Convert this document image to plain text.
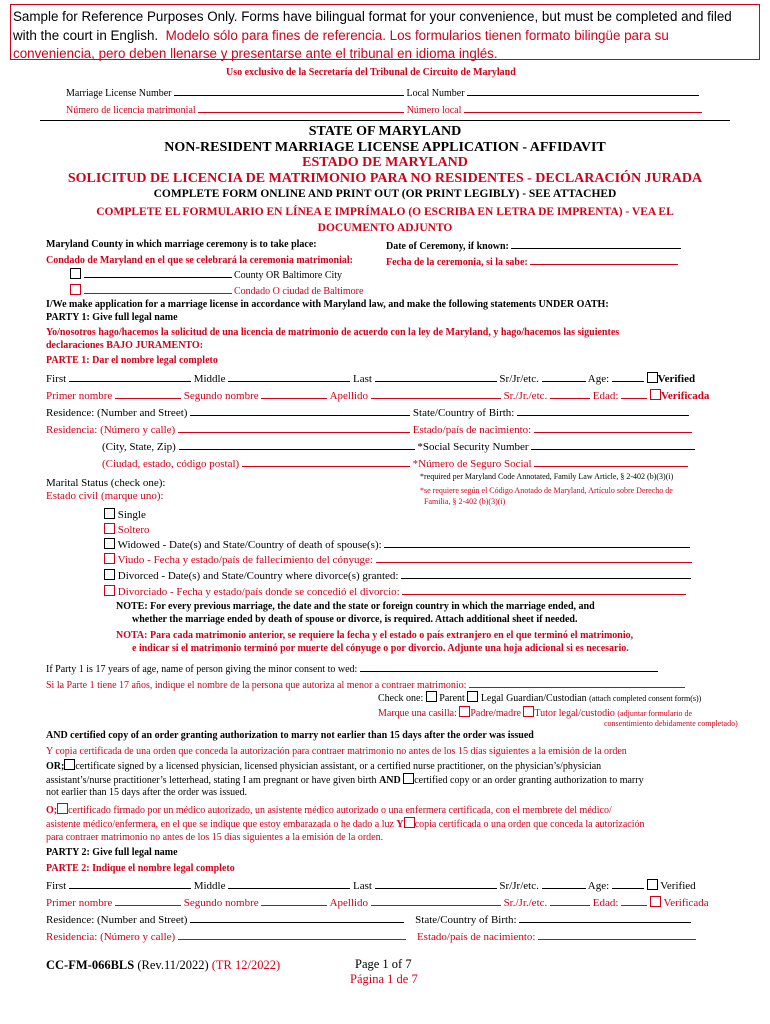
Sample for Reference Purposes Only. Forms have bilingual format for your convenience, but must be completed and filed
with the court in English. Modelo sólo para fines de referencia. Los formularios tienen formato bilingüe para su
conveniencia, pero deben llenarse y presentarse ante el tribunal en idioma inglés.
Uso exclusivo de la Secretaría del Tribunal de Circuito de Maryland
Marriage License Number	Local Number
Número de licencia matrimonial	Número local
STATE OF MARYLAND
NON-RESIDENT MARRIAGE LICENSE APPLICATION - AFFIDAVIT
ESTADO DE MARYLAND
SOLICITUD DE LICENCIA DE MATRIMONIO PARA NO RESIDENTES - DECLARACIÓN JURADA
COMPLETE FORM ONLINE AND PRINT OUT (OR PRINT LEGIBLY) - SEE ATTACHED
COMPLETE EL FORMULARIO EN LÍNEA E IMPRÍMALO (O ESCRIBA EN LETRA DE IMPRENTA) - VEA EL
DOCUMENTO ADJUNTO
Maryland County in which marriage ceremony is to take place:	Date of Ceremony, if known:
Condado de Maryland en el que se celebrará la ceremonia matrimonial:	Fecha de la ceremonia, si la sabe:
County OR Baltimore City
Condado O ciudad de Baltimore
I/We make application for a marriage license in accordance with Maryland law, and make the following statements UNDER OATH:
PARTY 1: Give full legal name
Yo/nosotros hago/hacemos la solicitud de una licencia de matrimonio de acuerdo con la ley de Maryland, y hago/hacemos las siguientes
declaraciones BAJO JURAMENTO:
PARTE 1: Dar el nombre legal completo
First	Middle	Last	Sr/Jr/etc.	Age:	Verified
Primer nombre	Segundo nombre	Apellido	Sr./Jr./etc.	Edad:	Verificada
Residence: (Number and Street)	State/Country of Birth:
Residencia: (Número y calle)	Estado/país de nacimiento:
(City, State, Zip)	*Social Security Number
(Ciudad, estado, código postal)	*Número de Seguro Social
Marital Status (check one):
Estado civil (marque uno):
*required per Maryland Code Annotated, Family Law Article, § 2-402 (b)(3)(i)
*se requiere según el Código Anotado de Maryland, Artículo sobre Derecho de
Familia, § 2-402 (b)(3)(i)
Single
Soltero
Widowed - Date(s) and State/Country of death of spouse(s):
Viudo - Fecha y estado/país de fallecimiento del cónyuge:
Divorced - Date(s) and State/Country where divorce(s) granted:
Divorciado - Fecha y estado/país donde se concedió el divorcio:
NOTE: For every previous marriage, the date and the state or foreign country in which the marriage ended, and
whether the marriage ended by death of spouse or divorce, is required. Attach additional sheet if needed.
NOTA: Para cada matrimonio anterior, se requiere la fecha y el estado o país extranjero en el que terminó el matrimonio,
e indicar si el matrimonio terminó por muerte del cónyuge o por divorcio. Adjunte una hoja adicional si es necesario.
If Party 1 is 17 years of age, name of person giving the minor consent to wed:
Si la Parte 1 tiene 17 años, indique el nombre de la persona que autoriza al menor a contraer matrimonio:
Check one: Parent Legal Guardian/Custodian (attach completed consent form(s))
Marque una casilla: Padre/madre Tutor legal/custodio (adjuntar formulario de
consentimiento debidamente completado)
AND certified copy of an order granting authorization to marry not earlier than 15 days after the order was issued
Y copia certificada de una orden que conceda la autorización para contraer matrimonio no antes de los 15 días siguientes a la emisión de la orden
OR; certificate signed by a licensed physician, licensed physician assistant, or a certified nurse practitioner, on the physician’s/physician
assistant’s/nurse practitioner’s letterhead, stating I am pregnant or have given birth AND certified copy or an order granting authorization to marry
not earlier than 15 days after the order was issued.
O; certificado firmado por un médico autorizado, un asistente médico autorizado o una enfermera certificada, con el membrete del médico/
asistente médico/enfermera, en el que se indique que estoy embarazada o he dado a luz Y copia certificada o una orden que conceda la autorización
para contraer matrimonio no antes de los 15 días siguientes a la emisión de la orden.
PARTY 2: Give full legal name
PARTE 2: Indique el nombre legal completo
First	Middle	Last	Sr/Jr/etc.	Age:	Verified
Primer nombre	Segundo nombre	Apellido	Sr./Jr./etc.	Edad:	Verificada
Residence: (Number and Street)	State/Country of Birth:
Residencia: (Número y calle)	Estado/país de nacimiento:
CC-FM-066BLS (Rev.11/2022) (TR 12/2022)	Page 1 of 7
Página 1 de 7
